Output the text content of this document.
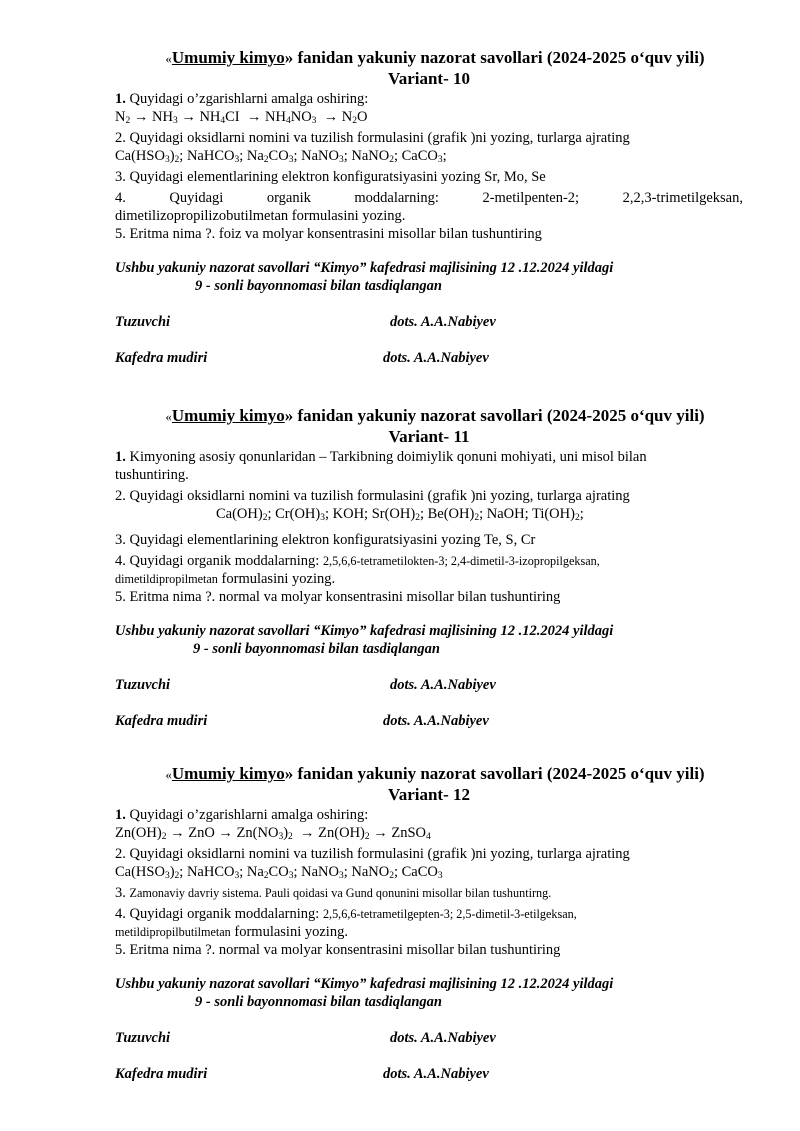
«Umumiy kimyo» fanidan yakuniy nazorat savollari (2024-2025 o‘quv yili)
Variant- 10
1. Quyidagi o’zgarishlarni amalga oshiring:
$N_2 \to NH_3 \to NH_4CI \to NH_4NO_3 \to N_2O$
2. Quyidagi oksidlarni nomini va tuzilish formulasini (grafik )ni yozing, turlarga ajrating
$Ca(HSO_3)_2$; NaHCO$_3$; $Na_2CO_3$; NaNO$_3$; NaNO$_2$; CaCO$_3$;
3. Quyidagi elementlarining elektron konfiguratsiyasini yozing Sr, Mo, Se
4.	Quyidagi	organik	moddalarning:	2-metilpenten-2;	2,2,3-trimetilgeksan,
dimetilizopropilizobutilmetan formulasini yozing.
5. Eritma nima ?. foiz va molyar konsentrasini misollar bilan tushuntiring
Ushbu yakuniy nazorat savollari “Kimyo” kafedrasi majlisining 12 .12.2024 yildagi
9 - sonli bayonnomasi bilan tasdiqlangan
Tuzuvchi	dots. A.A.Nabiyev
Kafedra mudiri	dots. A.A.Nabiyev
«Umumiy kimyo» fanidan yakuniy nazorat savollari (2024-2025 o‘quv yili)
Variant- 11
1. Kimyoning asosiy qonunlaridan – Tarkibning doimiylik qonuni mohiyati, uni misol bilan
tushuntiring.
2. Quyidagi oksidlarni nomini va tuzilish formulasini (grafik )ni yozing, turlarga ajrating
$Ca(OH)_2$; $Cr(OH)_3$; KOH; $Sr(OH)_2$; $Be(OH)_2$; NaOH; $Ti(OH)_2$;
3. Quyidagi elementlarining elektron konfiguratsiyasini yozing Te, S, Cr
4. Quyidagi organik moddalarning: 2,5,6,6-tetrametilokten-3; 2,4-dimetil-3-izopropilgeksan,
dimetildipropilmetan formulasini yozing.
5. Eritma nima ?. normal va molyar konsentrasini misollar bilan tushuntiring
Ushbu yakuniy nazorat savollari “Kimyo” kafedrasi majlisining 12 .12.2024 yildagi
9 - sonli bayonnomasi bilan tasdiqlangan
Tuzuvchi	dots. A.A.Nabiyev
Kafedra mudiri	dots. A.A.Nabiyev
«Umumiy kimyo» fanidan yakuniy nazorat savollari (2024-2025 o‘quv yili)
Variant- 12
1. Quyidagi o’zgarishlarni amalga oshiring:
$Zn(OH)_2$ → ZnO → $Zn(NO_3)_2 \to Zn(OH)_2$ → ZnSO$_4$
2. Quyidagi oksidlarni nomini va tuzilish formulasini (grafik )ni yozing, turlarga ajrating
$Ca(HSO_3)_2$; NaHCO$_3$; $Na_2CO_3$; NaNO$_3$; NaNO$_2$; CaCO$_3$
3. Zamonaviy davriy sistema. Pauli qoidasi va Gund qonunini misollar bilan tushuntirng.
4. Quyidagi organik moddalarning: 2,5,6,6-tetrametilgepten-3; 2,5-dimetil-3-etilgeksan,
metildipropilbutilmetan formulasini yozing.
5. Eritma nima ?. normal va molyar konsentrasini misollar bilan tushuntiring
Ushbu yakuniy nazorat savollari “Kimyo” kafedrasi majlisining 12 .12.2024 yildagi
9 - sonli bayonnomasi bilan tasdiqlangan
Tuzuvchi	dots. A.A.Nabiyev
Kafedra mudiri	dots. A.A.Nabiyev
